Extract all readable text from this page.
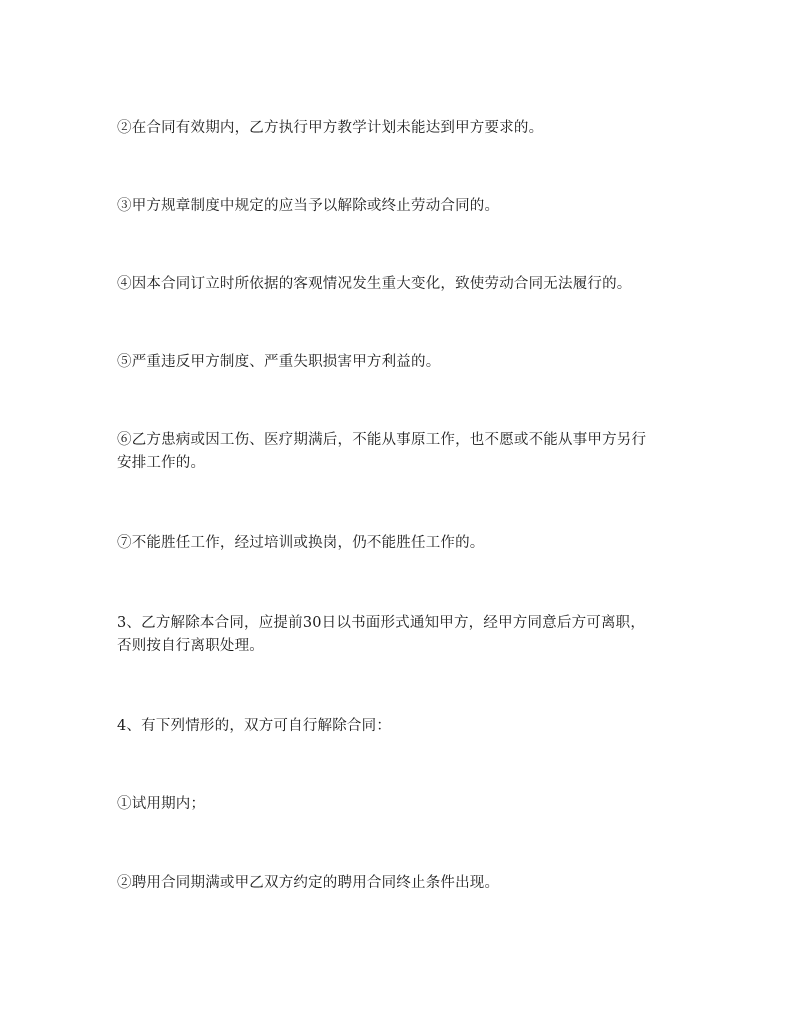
②在合同有效期内，乙方执行甲方教学计划未能达到甲方要求的。

③甲方规章制度中规定的应当予以解除或终止劳动合同的。

④因本合同订立时所依据的客观情况发生重大变化，致使劳动合同无法履行的。

⑤严重违反甲方制度、严重失职损害甲方利益的。

⑥乙方患病或因工伤、医疗期满后，不能从事原工作，也不愿或不能从事甲方另行
安排工作的。

⑦不能胜任工作，经过培训或换岗，仍不能胜任工作的。

3、乙方解除本合同，应提前30日以书面形式通知甲方，经甲方同意后方可离职，
否则按自行离职处理。

4、有下列情形的，双方可自行解除合同：

①试用期内；

②聘用合同期满或甲乙双方约定的聘用合同终止条件出现。
